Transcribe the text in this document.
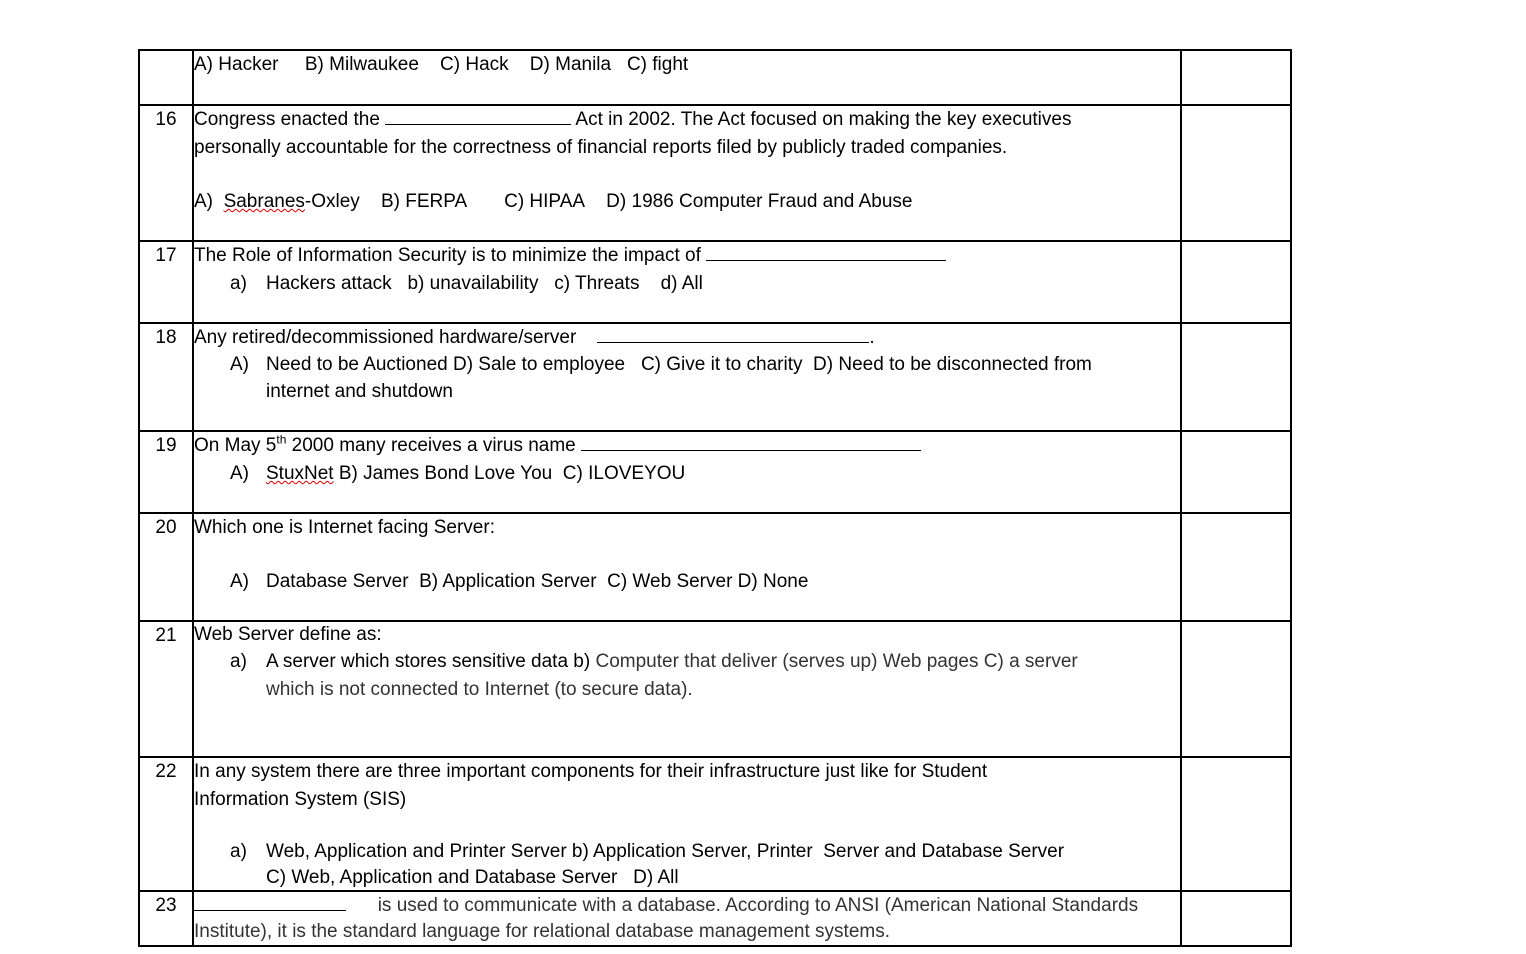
	A) Hacker B) Milwaukee C) Hack D) Manila C) fight	

16	Congress enacted the Act in 2002. The Act focused on making the key executives
personally accountable for the correctness of financial reports filed by publicly traded companies.
A) Sabranes-Oxley B) FERPA C) HIPAA D) 1986 Computer Fraud and Abuse	

17	The Role of Information Security is to minimize the impact of
a) Hackers attack   b) unavailability   c) Threats    d) All	

18	Any retired/decommissioned hardware/server .
A) Need to be Auctioned D) Sale to employee   C) Give it to charity  D) Need to be disconnected from
internet and shutdown	

19	On May 5th 2000 many receives a virus name
A) StuxNet B) James Bond Love You  C) ILOVEYOU	

20	Which one is Internet facing Server:
A) Database Server  B) Application Server  C) Web Server D) None	

21	Web Server define as:
a) A server which stores sensitive data b) Computer that deliver (serves up) Web pages C) a server
which is not connected to Internet (to secure data).	

22	In any system there are three important components for their infrastructure just like for Student
Information System (SIS)
a) Web, Application and Printer Server b) Application Server, Printer  Server and Database Server
C) Web, Application and Database Server   D) All	

23	is used to communicate with a database. According to ANSI (American National Standards
Institute), it is the standard language for relational database management systems.	
